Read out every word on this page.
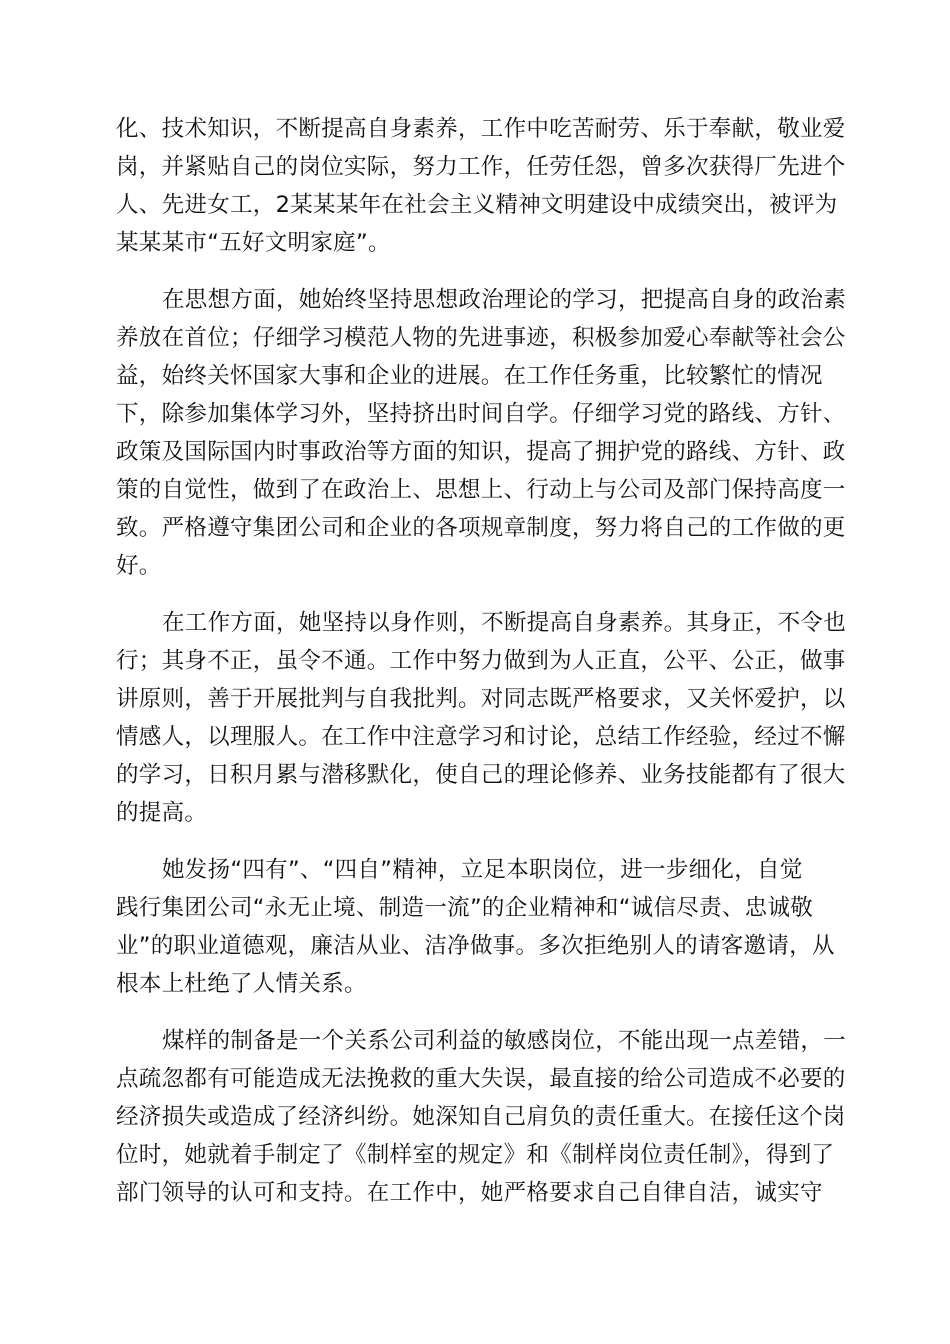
化、技术知识，不断提高自身素养，工作中吃苦耐劳、乐于奉献，敬业爱
岗，并紧贴自己的岗位实际，努力工作，任劳任怨，曾多次获得厂先进个
人、先进女工，2某某某年在社会主义精神文明建设中成绩突出，被评为
某某某市“五好文明家庭”。
在思想方面，她始终坚持思想政治理论的学习，把提高自身的政治素
养放在首位；仔细学习模范人物的先进事迹，积极参加爱心奉献等社会公
益，始终关怀国家大事和企业的进展。在工作任务重，比较繁忙的情况
下，除参加集体学习外，坚持挤出时间自学。仔细学习党的路线、方针、
政策及国际国内时事政治等方面的知识，提高了拥护党的路线、方针、政
策的自觉性，做到了在政治上、思想上、行动上与公司及部门保持高度一
致。严格遵守集团公司和企业的各项规章制度，努力将自己的工作做的更
好。
在工作方面，她坚持以身作则，不断提高自身素养。其身正，不令也
行；其身不正，虽令不通。工作中努力做到为人正直，公平、公正，做事
讲原则，善于开展批判与自我批判。对同志既严格要求，又关怀爱护，以
情感人，以理服人。在工作中注意学习和讨论，总结工作经验，经过不懈
的学习，日积月累与潜移默化，使自己的理论修养、业务技能都有了很大
的提高。
她发扬“四有”、“四自”精神，立足本职岗位，进一步细化，自觉
践行集团公司“永无止境、制造一流”的企业精神和“诚信尽责、忠诚敬
业”的职业道德观，廉洁从业、洁净做事。多次拒绝别人的请客邀请，从
根本上杜绝了人情关系。
煤样的制备是一个关系公司利益的敏感岗位，不能出现一点差错，一
点疏忽都有可能造成无法挽救的重大失误，最直接的给公司造成不必要的
经济损失或造成了经济纠纷。她深知自己肩负的责任重大。在接任这个岗
位时，她就着手制定了《制样室的规定》和《制样岗位责任制》，得到了
部门领导的认可和支持。在工作中，她严格要求自己自律自洁，诚实守
